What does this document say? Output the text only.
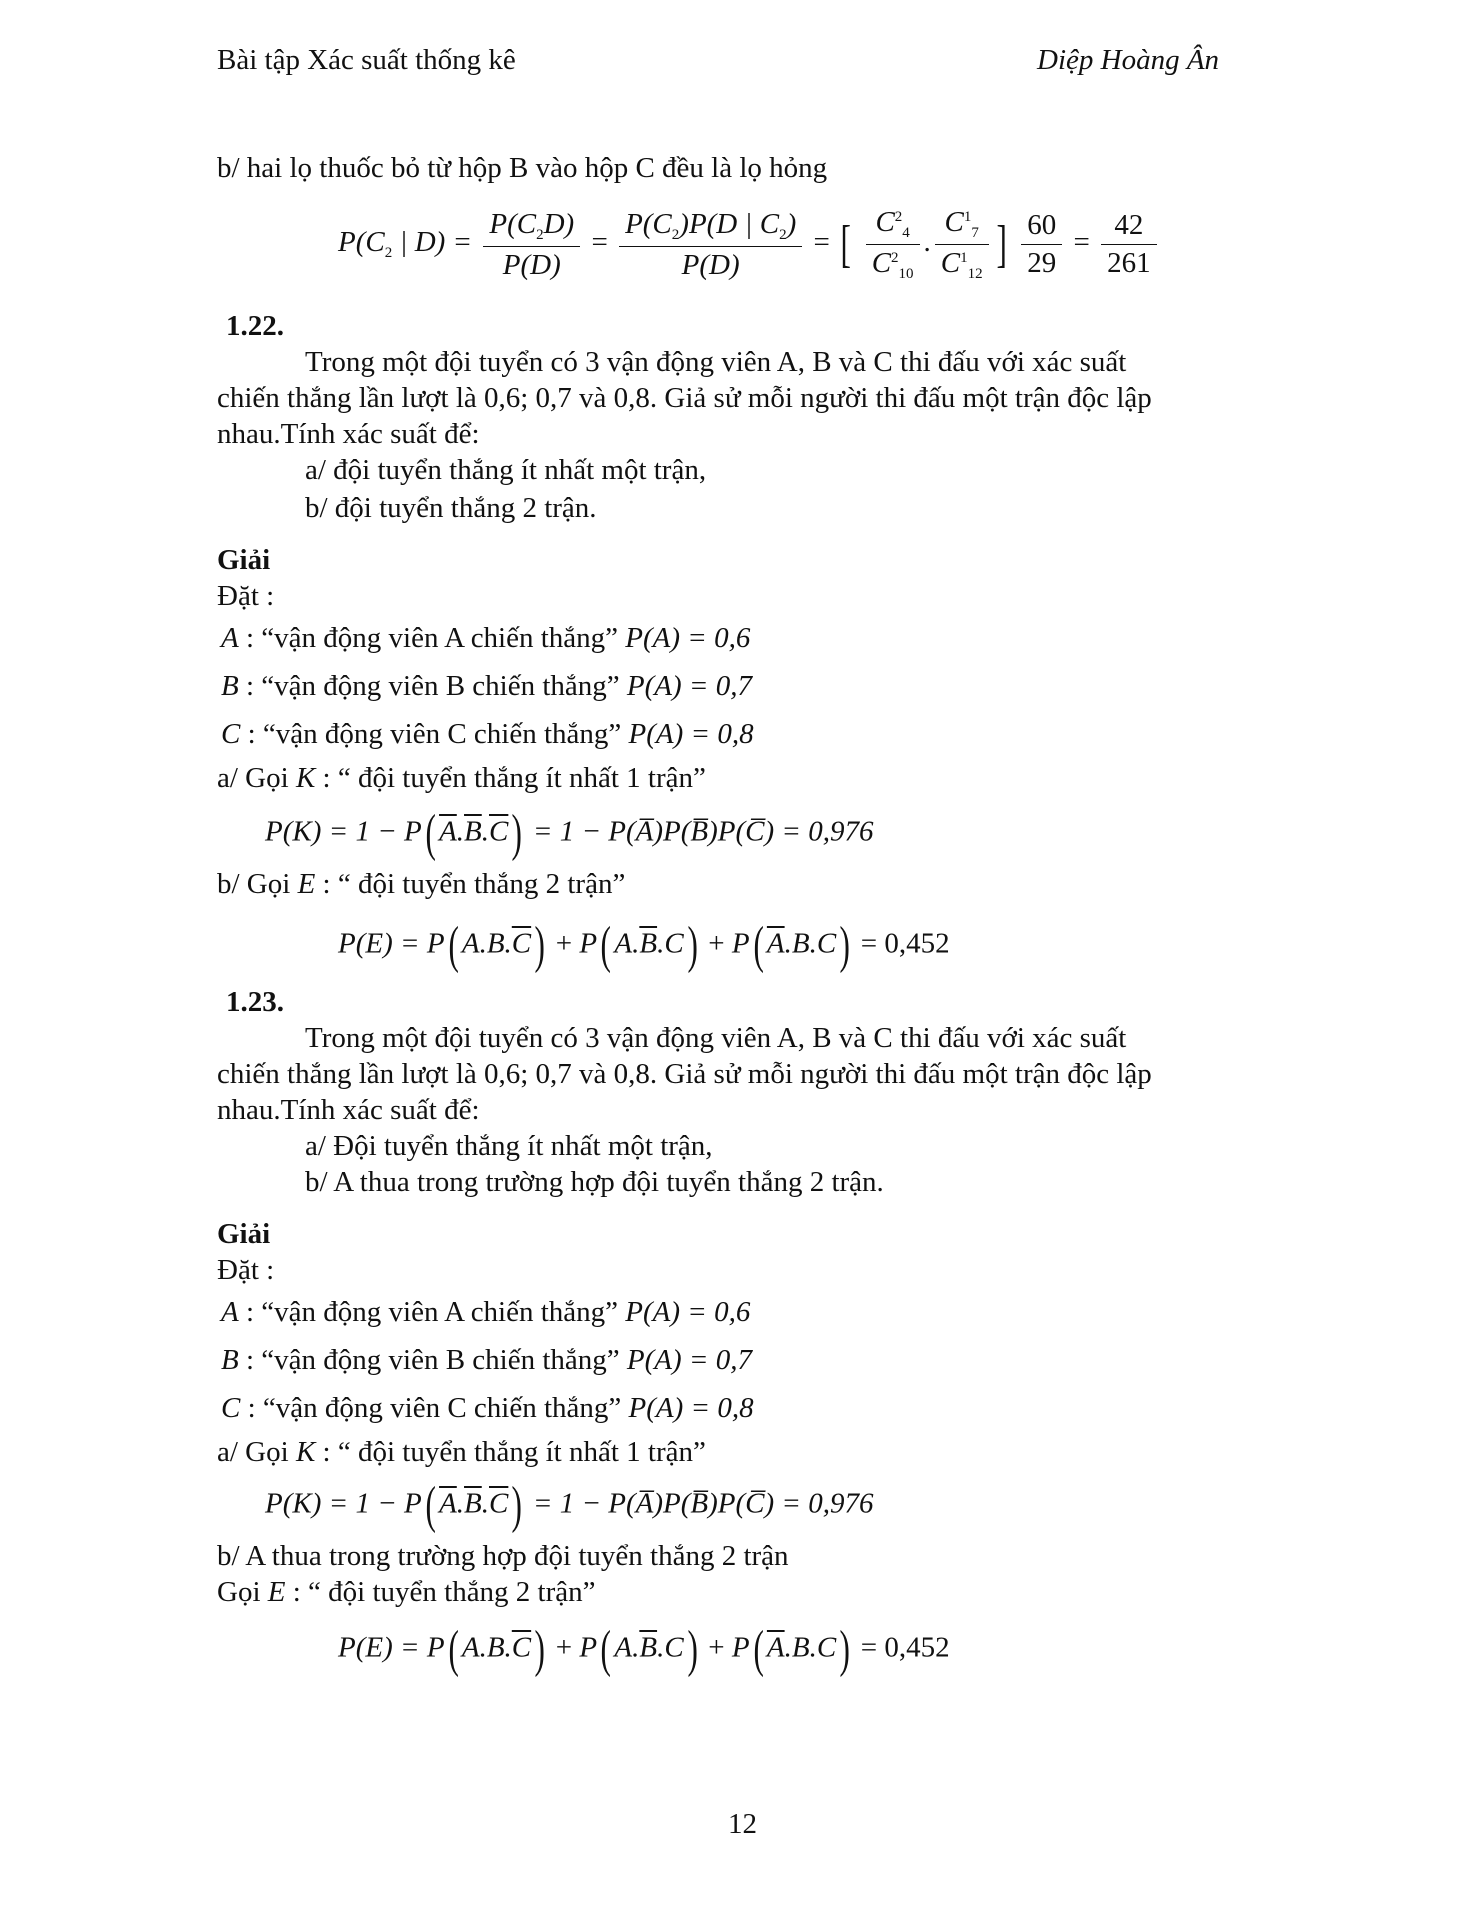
Bài tập Xác suất thống kê	Diệp Hoàng Ân
b/ hai lọ thuốc bỏ từ hộp B vào hộp C đều là lọ hỏng
$P(C_2$ | $D) = \frac{P(C_2D)}{P(D)} = \frac{P(C_2)P(D | C_2)}{P(D)}$ = [ $\frac{C^2_4}{C^2_{10}}$ . $\frac{C^1_7}{C^1_{12}}$ ] $\frac{60}{29} = \frac{42}{261}$
1.22.
Trong một đội tuyển có 3 vận động viên A, B và C thi đấu với xác suất
chiến thắng lần lượt là 0,6; 0,7 và 0,8. Giả sử mỗi người thi đấu một trận độc lập
nhau.Tính xác suất để:
a/ đội tuyển thắng ít nhất một trận,
b/ đội tuyển thắng 2 trận.
Giải
Đặt :
A : “vận động viên A chiến thắng” P(A) = 0,6
B : “vận động viên B chiến thắng” P(A) = 0,7
C : “vận động viên C chiến thắng” P(A) = 0,8
a/ Gọi K : “ đội tuyển thắng ít nhất 1 trận”
P(K) = 1 − P( $\overline{A}.\overline{B}.\overline{C}) = 1$ − P(A̅)P(B̅)P(C̅) = 0,976
b/ Gọi E : “ đội tuyển thắng 2 trận”
P(E) = P( $A.B.\overline{C}) + P$( $A.\overline{B}.C) + P$( $\overline{A}.B.C) = 0,452$
1.23.
Trong một đội tuyển có 3 vận động viên A, B và C thi đấu với xác suất
chiến thắng lần lượt là 0,6; 0,7 và 0,8. Giả sử mỗi người thi đấu một trận độc lập
nhau.Tính xác suất để:
a/ Đội tuyển thắng ít nhất một trận,
b/ A thua trong trường hợp đội tuyển thắng 2 trận.
Giải
Đặt :
A : “vận động viên A chiến thắng” P(A) = 0,6
B : “vận động viên B chiến thắng” P(A) = 0,7
C : “vận động viên C chiến thắng” P(A) = 0,8
a/ Gọi K : “ đội tuyển thắng ít nhất 1 trận”
P(K) = 1 − P( $\overline{A}.\overline{B}.\overline{C}) = 1$ − P(A̅)P(B̅)P(C̅) = 0,976
b/ A thua trong trường hợp đội tuyển thắng 2 trận
Gọi E : “ đội tuyển thắng 2 trận”
P(E) = P( $A.B.\overline{C}) + P$( $A.\overline{B}.C) + P$( $\overline{A}.B.C) = 0,452$
12
